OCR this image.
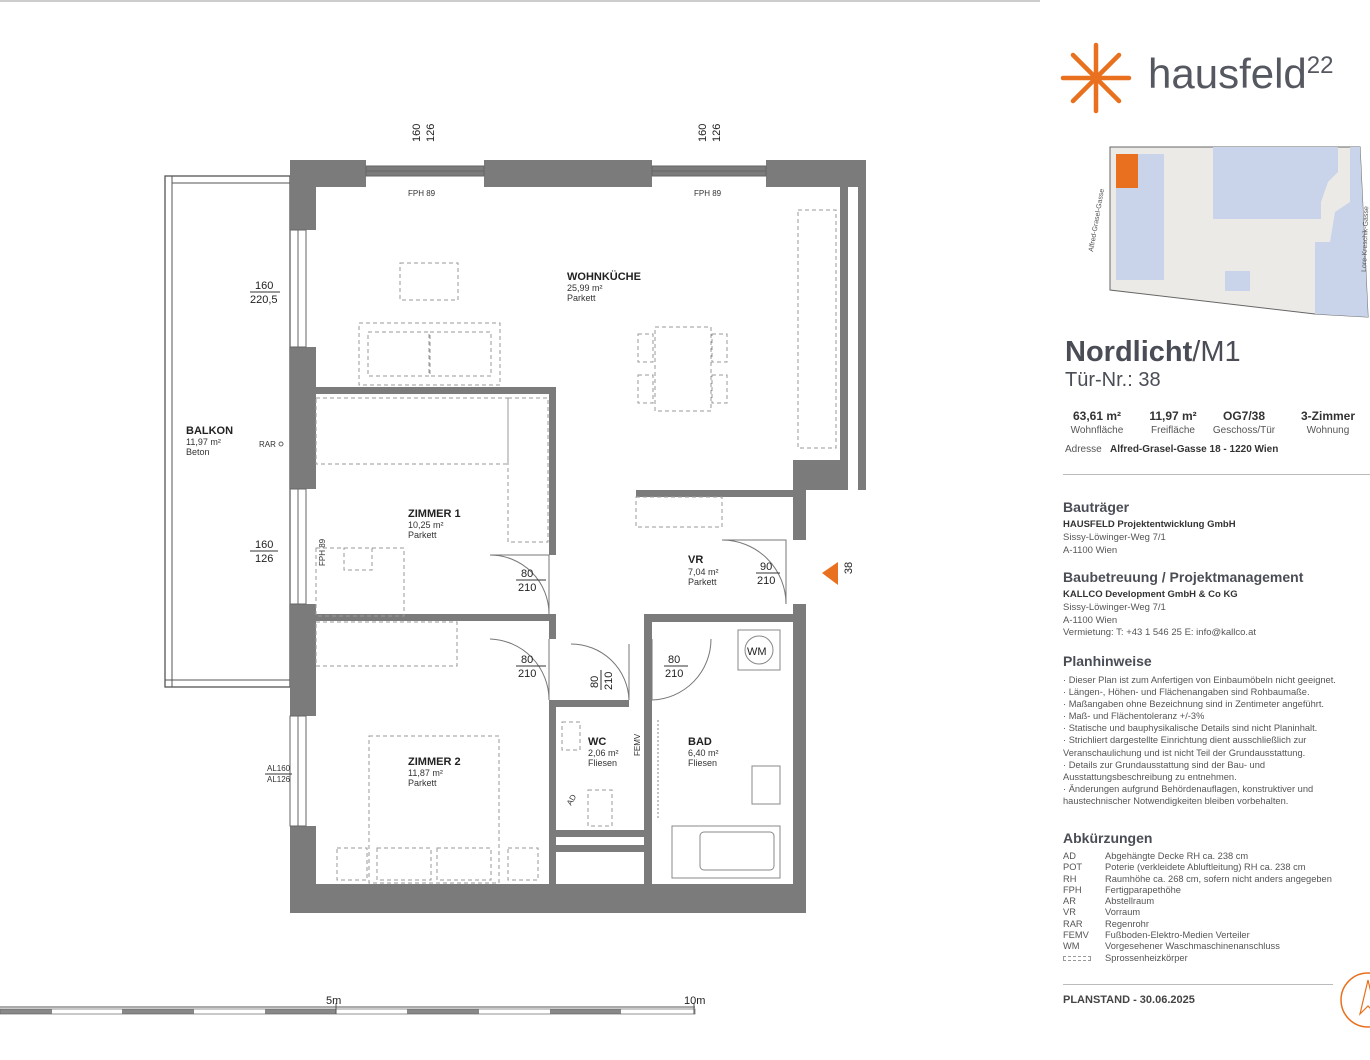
38
WOHNKÜCHE
25,99 m²
Parkett
ZIMMER 1
10,25 m²
Parkett
ZIMMER 2
11,87 m²
Parkett
VR
7,04 m²
Parkett
WC
2,06 m²
Fliesen
BAD
6,40 m²
Fliesen
BALKON
11,97 m²
Beton
160 126
FPH 89
160 126
FPH 89
160
220,5
160
126	FPH 89
AL160
AL126
RAR
80
210
90
210
80
210
80 210
80
210
FEMV
WM
AD
5m	10m
hausfeld$^{22}$
Alfred-Grasel-Gasse	Lore-Kreschik-Gasse
Nordlicht/M1
Tür-Nr.: 38
63,61 m²
Wohnfläche
11,97 m²
Freifläche
OG7/38
Geschoss/Tür
3-Zimmer
Wohnung
Adresse Alfred-Grasel-Gasse 18 - 1220 Wien
Bauträger
HAUSFELD Projektentwicklung GmbH
Sissy-Löwinger-Weg 7/1
A-1100 Wien
Baubetreuung / Projektmanagement
KALLCO Development GmbH & Co KG
Sissy-Löwinger-Weg 7/1
A-1100 Wien
Vermietung: T: +43 1 546 25 E: info@kallco.at
Planhinweise
· Dieser Plan ist zum Anfertigen von Einbaumöbeln nicht geeignet.
· Längen-, Höhen- und Flächenangaben sind Rohbaumaße.
· Maßangaben ohne Bezeichnung sind in Zentimeter angeführt.
· Maß- und Flächentoleranz +/-3%
· Statische und bauphysikalische Details sind nicht Planinhalt.
· Strichliert dargestellte Einrichtung dient ausschließlich zur Veranschaulichung und ist nicht Teil der Grundausstattung.
· Details zur Grundausstattung sind der Bau- und Ausstattungsbeschreibung zu entnehmen.
· Änderungen aufgrund Behördenauflagen, konstruktiver und haustechnischer Notwendigkeiten bleiben vorbehalten.
Abkürzungen
AD	Abgehängte Decke RH ca. 238 cm
POT	Poterie (verkleidete Abluftleitung) RH ca. 238 cm
RH	Raumhöhe ca. 268 cm, sofern nicht anders angegeben
FPH	Fertigparapethöhe
AR	Abstellraum
VR	Vorraum
RAR	Regenrohr
FEMV	Fußboden-Elektro-Medien Verteiler
WM	Vorgesehener Waschmaschinenanschluss
Sprossenheizkörper
PLANSTAND - 30.06.2025
